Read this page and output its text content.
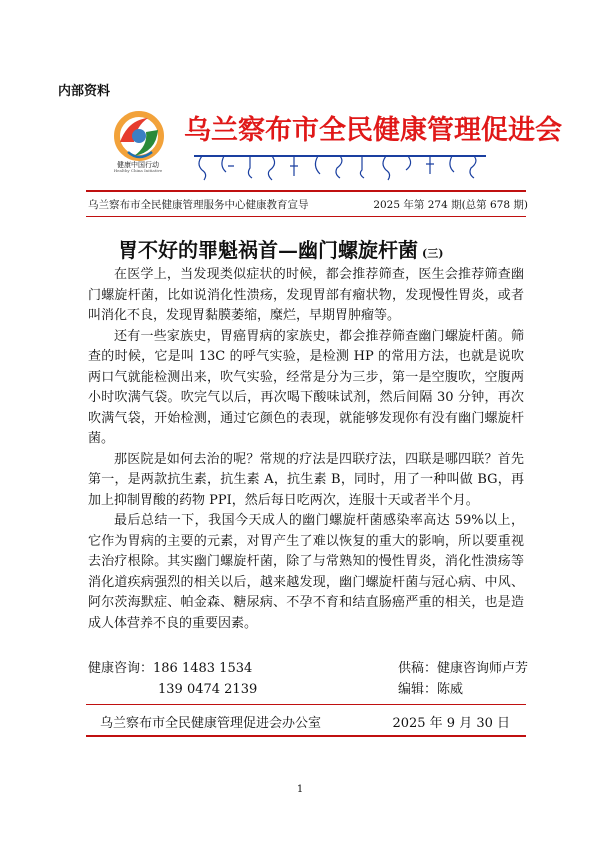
内部资料
健康中国行动
Healthy China Initiative
乌兰察布市全民健康管理促进会
乌兰察布市全民健康管理服务中心健康教育宣导	2025 年第 274 期(总第 678 期)
胃不好的罪魁祸首—幽门螺旋杆菌 (三)

在医学上，当发现类似症状的时候，都会推荐筛查，医生会推荐筛查幽门螺旋杆菌，比如说消化性溃疡，发现胃部有瘤状物，发现慢性胃炎，或者叫消化不良，发现胃黏膜萎缩，糜烂，早期胃肿瘤等。

还有一些家族史，胃癌胃病的家族史，都会推荐筛查幽门螺旋杆菌。筛查的时候，它是叫 13C 的呼气实验，是检测 HP 的常用方法，也就是说吹两口气就能检测出来，吹气实验，经常是分为三步，第一是空腹吹，空腹两小时吹满气袋。吹完气以后，再次喝下酸味试剂，然后间隔 30 分钟，再次吹满气袋，开始检测，通过它颜色的表现，就能够发现你有没有幽门螺旋杆菌。

那医院是如何去治的呢？常规的疗法是四联疗法，四联是哪四联？首先第一，是两款抗生素，抗生素 A，抗生素 B，同时，用了一种叫做 BG，再加上抑制胃酸的药物 PPI，然后每日吃两次，连服十天或者半个月。

最后总结一下，我国今天成人的幽门螺旋杆菌感染率高达 59%以上，它作为胃病的主要的元素，对胃产生了难以恢复的重大的影响，所以要重视去治疗根除。其实幽门螺旋杆菌，除了与常熟知的慢性胃炎，消化性溃疡等消化道疾病强烈的相关以后，越来越发现，幽门螺旋杆菌与冠心病、中风、阿尔茨海默症、帕金森、糖尿病、不孕不育和结直肠癌严重的相关，也是造成人体营养不良的重要因素。

健康咨询：186 1483 1534
139 0474 2139
供稿：健康咨询师卢芳
编辑：陈威
乌兰察布市全民健康管理促进会办公室	2025 年 9 月 30 日
1
